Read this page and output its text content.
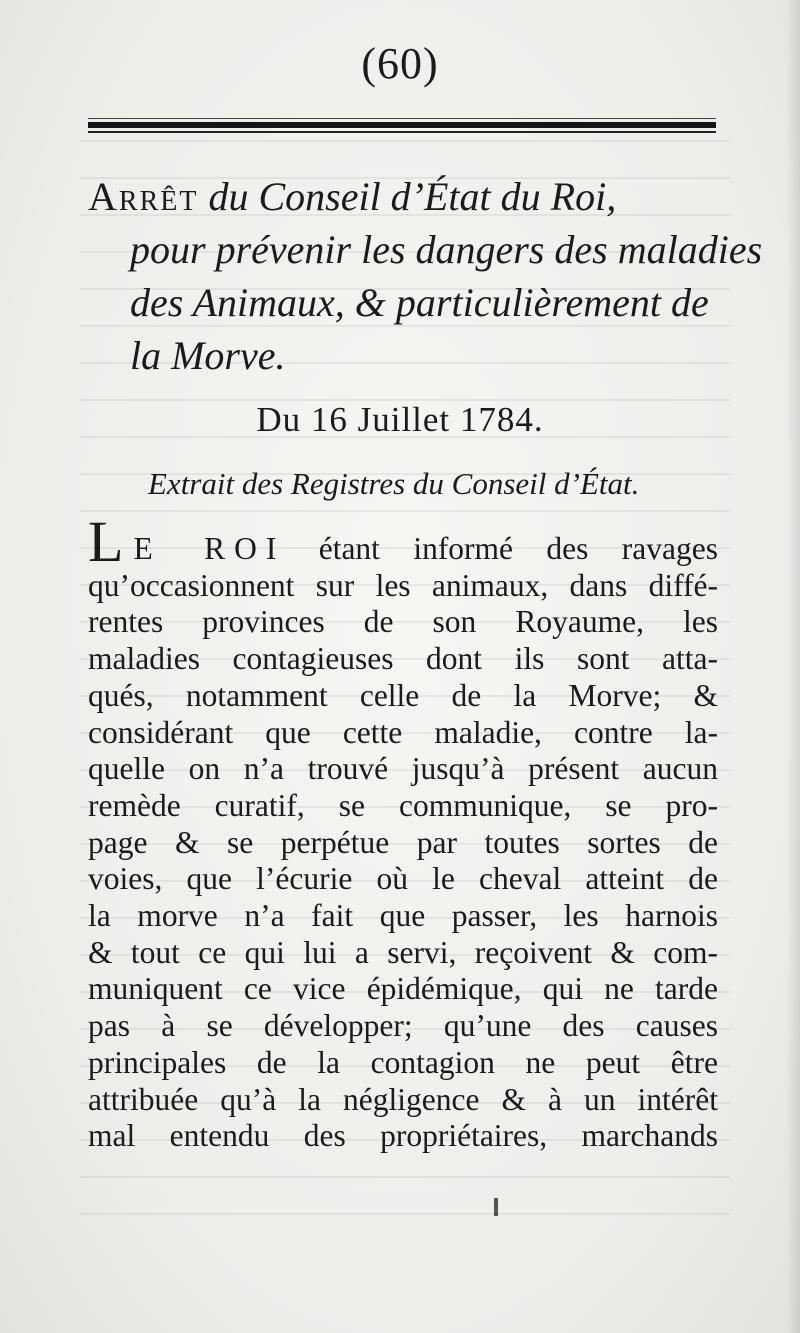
(60)
Arrêt du Conseil d’État du Roi,
pour prévenir les dangers des maladies
des Animaux, & particulièrement de
la Morve.
Du 16 Juillet 1784.
Extrait des Registres du Conseil d’État.
L E ROI étant informé des ravages
qu’occasionnent sur les animaux, dans diffé-
rentes provinces de son Royaume, les
maladies contagieuses dont ils sont atta-
qués, notamment celle de la Morve; &
considérant que cette maladie, contre la-
quelle on n’a trouvé jusqu’à présent aucun
remède curatif, se communique, se pro-
page & se perpétue par toutes sortes de
voies, que l’écurie où le cheval atteint de
la morve n’a fait que passer, les harnois
& tout ce qui lui a servi, reçoivent & com-
muniquent ce vice épidémique, qui ne tarde
pas à se développer; qu’une des causes
principales de la contagion ne peut être
attribuée qu’à la négligence & à un intérêt
mal entendu des propriétaires, marchands
